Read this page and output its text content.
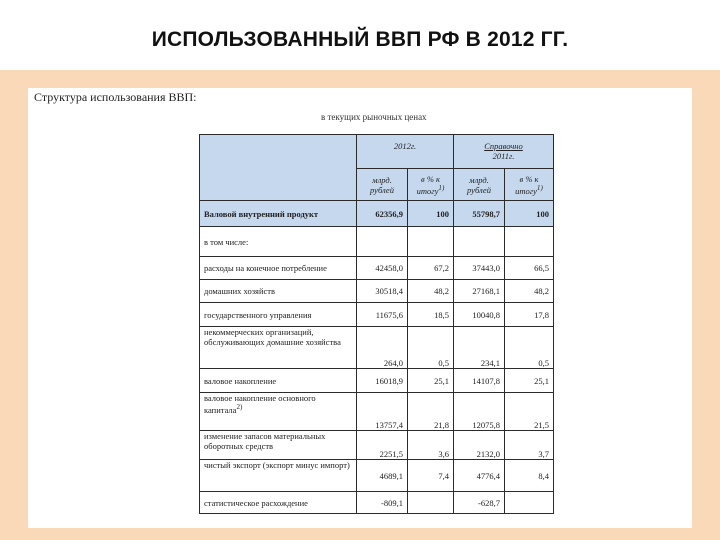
ИСПОЛЬЗОВАННЫЙ ВВП РФ В 2012 ГГ.
Структура использования ВВП:
в текущих рыночных ценах
	2012г.		Справочно
2011г.	
	млрд. рублей	в % к итогу$^{1)}$	млрд. рублей	в % к итогу$^{1)}$
Валовой внутренний продукт	62356,9	100	55798,7	100
в том числе:				
расходы на конечное потребление	42458,0	67,2	37443,0	66,5
домашних хозяйств	30518,4	48,2	27168,1	48,2
государственного управления	11675,6	18,5	10040,8	17,8
некоммерческих организаций, обслуживающих домашние хозяйства	264,0	0,5	234,1	0,5
валовое накопление	16018,9	25,1	14107,8	25,1
валовое накопление основного капитала$^{2)}$	13757,4	21,8	12075,8	21,5
изменение запасов материальных оборотных средств	2251,5	3,6	2132,0	3,7
чистый экспорт (экспорт минус импорт)	4689,1	7,4	4776,4	8,4
статистическое расхождение	-809,1		-628,7	
